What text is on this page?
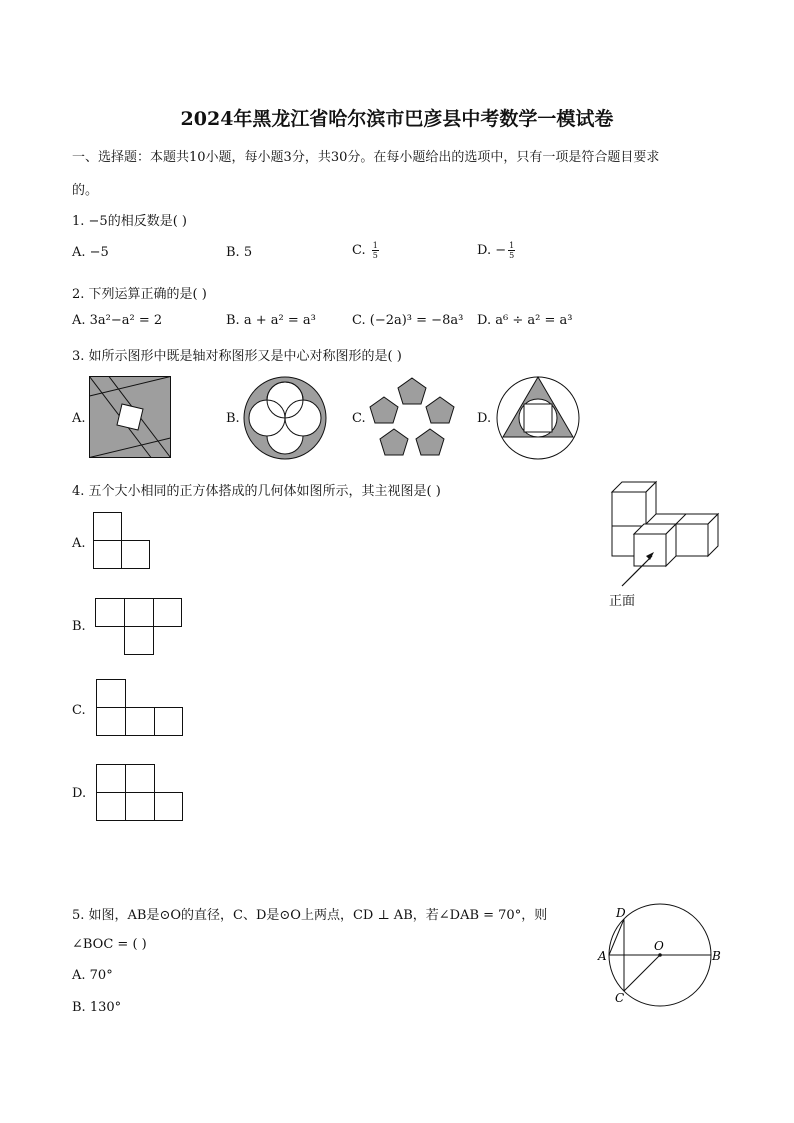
2024年黑龙江省哈尔滨市巴彦县中考数学一模试卷
一、选择题：本题共10小题，每小题3分，共30分。在每小题给出的选项中，只有一项是符合题目要求
的。
1. −5的相反数是( )
A. −5	B. 5	C. $\frac{1}{5}$	D. − $\frac{1}{5}$
2. 下列运算正确的是( )
A. 3a²−a² = 2	B. a + a² = a³	C. (−2a)³ = −8a³ D. a⁶ ÷ a² = a³
3. 如所示图形中既是轴对称图形又是中心对称图形的是( )
A.	B.	C.	D.
4. 五个大小相同的正方体搭成的几何体如图所示，其主视图是( )
A.
B.
C.
D.
正面
5. 如图，AB是⊙O的直径，C、D是⊙O上两点，CD ⊥ AB，若∠DAB = 70°，则
∠BOC = ( )
A. 70°
B. 130°
D
O
A	B
C
